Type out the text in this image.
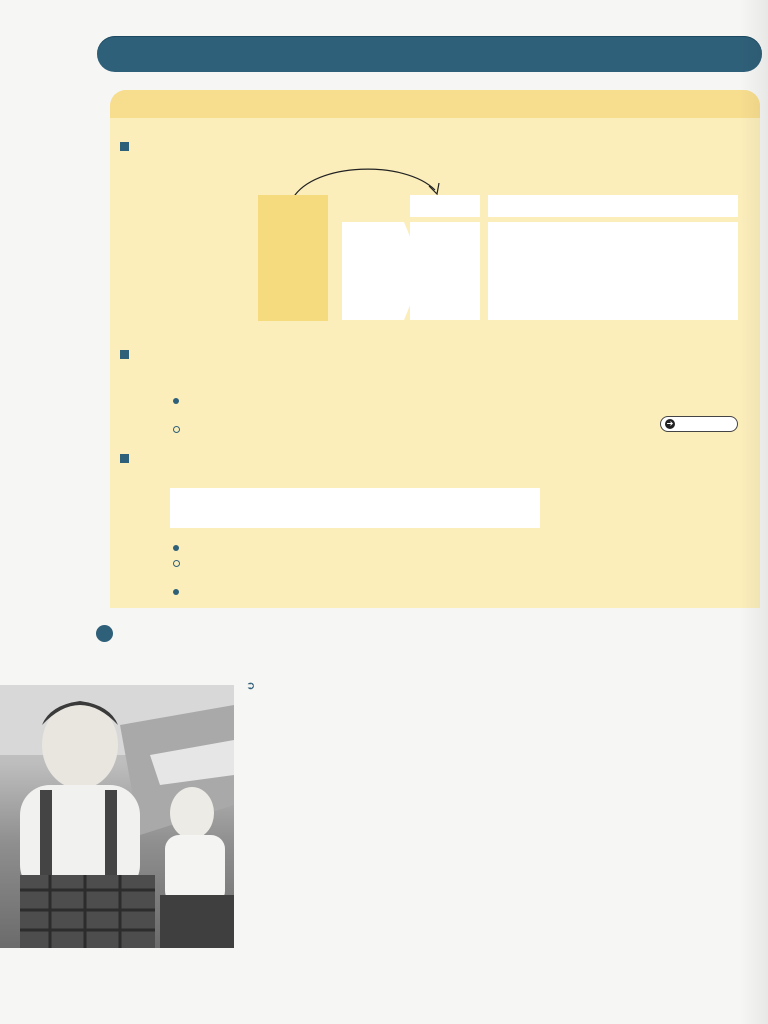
➔

➲
